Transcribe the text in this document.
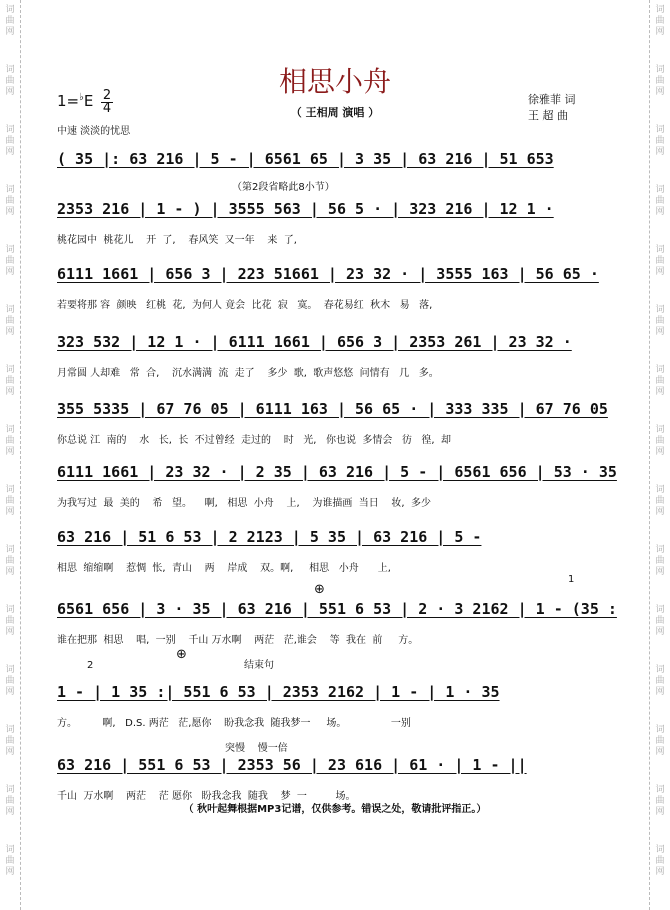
词
曲
网
词
曲
网
词
曲
网
词
曲
网
词
曲
网
词
曲
网
词
曲
网
词
曲
网
词
曲
网
词
曲
网
词
曲
网
词
曲
网
词
曲
网
词
曲
网
词
曲
网
词
曲
网
词
曲
网
词
曲
网
词
曲
网
词
曲
网
词
曲
网
词
曲
网
词
曲
网
词
曲
网
词
曲
网
词
曲
网
词
曲
网
词
曲
网
词
曲
网
词
曲
网
相思小舟
（ 王相周 演唱 ）
1=♭E 2
4
中速 淡淡的忧思
徐雅菲 词
王 超 曲
（第2段省略此8小节）
结束句
突慢    慢一倍
1
2
⊕
⊕
( 35 |: 63 216 | 5 - | 6561 65 | 3 35 | 63 216 | 51 653
2353 216 | 1 - ) | 3555 563 | 56 5 · | 323 216 | 12 1 ·
桃花园中  桃花儿    开  了,    春风笑  又一年    来  了,
6111 1661 | 656 3 | 223 51661 | 23 32 · | 3555 163 | 56 65 ·
若要将那 容  颜映   红桃  花,  为何人 竟会  比花  寂   寞。  春花易红  秋木   易   落,
323 532 | 12 1 · | 6111 1661 | 656 3 | 2353 261 | 23 32 ·
月常圆 人却难   常  合,    沉水满满  流  走了    多少  歌,  歌声悠悠  问情有   几   多。
355 5335 | 67 76 05 | 6111 163 | 56 65 · | 333 335 | 67 76 05
你总说 江  南的    水   长,  长  不过曾经  走过的    时   光,   你也说  多情会   彷   徨,  却
6111 1661 | 23 32 · | 2 35 | 63 216 | 5 - | 6561 656 | 53 · 35
为我写过  最  美的    希   望。    啊,   相思  小舟    上,    为谁描画  当日    妆,  多少
63 216 | 51 6 53 | 2 2123 | 5 35 | 63 216 | 5 -
相思  缩缩啊    惹惆  怅,  青山    两    岸成    双。啊,     相思   小舟      上,
6561 656 | 3 · 35 | 63 216 | 551 6 53 | 2 · 3 2162 | 1 - (35 :
谁在把那  相思    唱,  一别    千山 万水啊    两茫   茫,谁会    等  我在  前     方。
1 - | 1 35 :| 551 6 53 | 2353 2162 | 1 - | 1 · 35
方。        啊,   D.S. 两茫   茫,愿你    盼我念我  随我梦一     场。              一别
63 216 | 551 6 53 | 2353 56 | 23 616 | 61 · | 1 - ||
千山  万水啊    两茫    茫 愿你   盼我念我  随我    梦  一         场。
（ 秋叶起舞根据MP3记谱，仅供参考。错误之处，敬请批评指正。）
